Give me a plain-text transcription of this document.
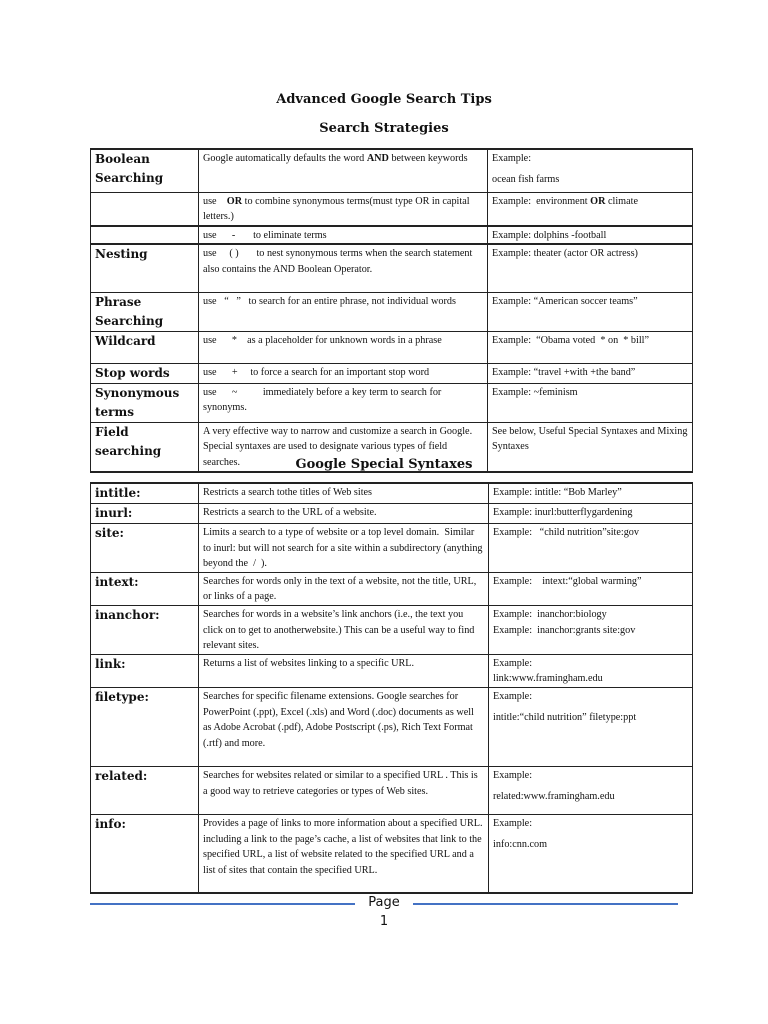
Advanced Google Search Tips
Search Strategies
Boolean Searching	Google automatically defaults the word AND between keywords	Example:
ocean fish farms

	use    OR to combine synonymous terms(must type OR in capital letters.)	Example:  environment OR climate
	use      -       to eliminate terms	Example: dolphins -football
Nesting	use     ( )       to nest synonymous terms when the search statement also contains the AND Boolean Operator.	Example: theater (actor OR actress)
Phrase Searching	use   “   ”   to search for an entire phrase, not individual words	Example: “American soccer teams”
Wildcard	use      *    as a placeholder for unknown words in a phrase	Example:  “Obama voted  * on  * bill”
Stop words	use      +     to force a search for an important stop word	Example: “travel +with +the band”
Synonymous terms	use      ~          immediately before a key term to search for synonyms.	Example: ~feminism
Field searching	A very effective way to narrow and customize a search in Google. Special syntaxes are used to designate various types of field searches.	See below, Useful Special Syntaxes and Mixing Syntaxes
Google Special Syntaxes
intitle:	Restricts a search tothe titles of Web sites	Example: intitle: “Bob Marley”
inurl:	Restricts a search to the URL of a website.	Example: inurl:butterflygardening
site:	Limits a search to a type of website or a top level domain.  Similar to inurl: but will not search for a site within a subdirectory (anything beyond the  /  ).	Example:   “child nutrition”site:gov
intext:	Searches for words only in the text of a website, not the title, URL, or links of a page.	Example:    intext:“global warming”
inanchor:	Searches for words in a website’s link anchors (i.e., the text you click on to get to anotherwebsite.) This can be a useful way to find relevant sites.	Example:  inanchor:biology
Example:  inanchor:grants site:gov

link:	Returns a list of websites linking to a specific URL.	Example:
link:www.framingham.edu

filetype:	Searches for specific filename extensions. Google searches for PowerPoint (.ppt), Excel (.xls) and Word (.doc) documents as well as Adobe Acrobat (.pdf), Adobe Postscript (.ps), Rich Text Format (.rtf) and more.	Example:
intitle:“child nutrition” filetype:ppt

related:	Searches for websites related or similar to a specified URL . This is a good way to retrieve categories or types of Web sites.	Example:
related:www.framingham.edu

info:	Provides a page of links to more information about a specified URL. including a link to the page’s cache, a list of websites that link to the specified URL, a list of website related to the specified URL and a list of sites that contain the specified URL.	Example:
info:cnn.com
Page
1
